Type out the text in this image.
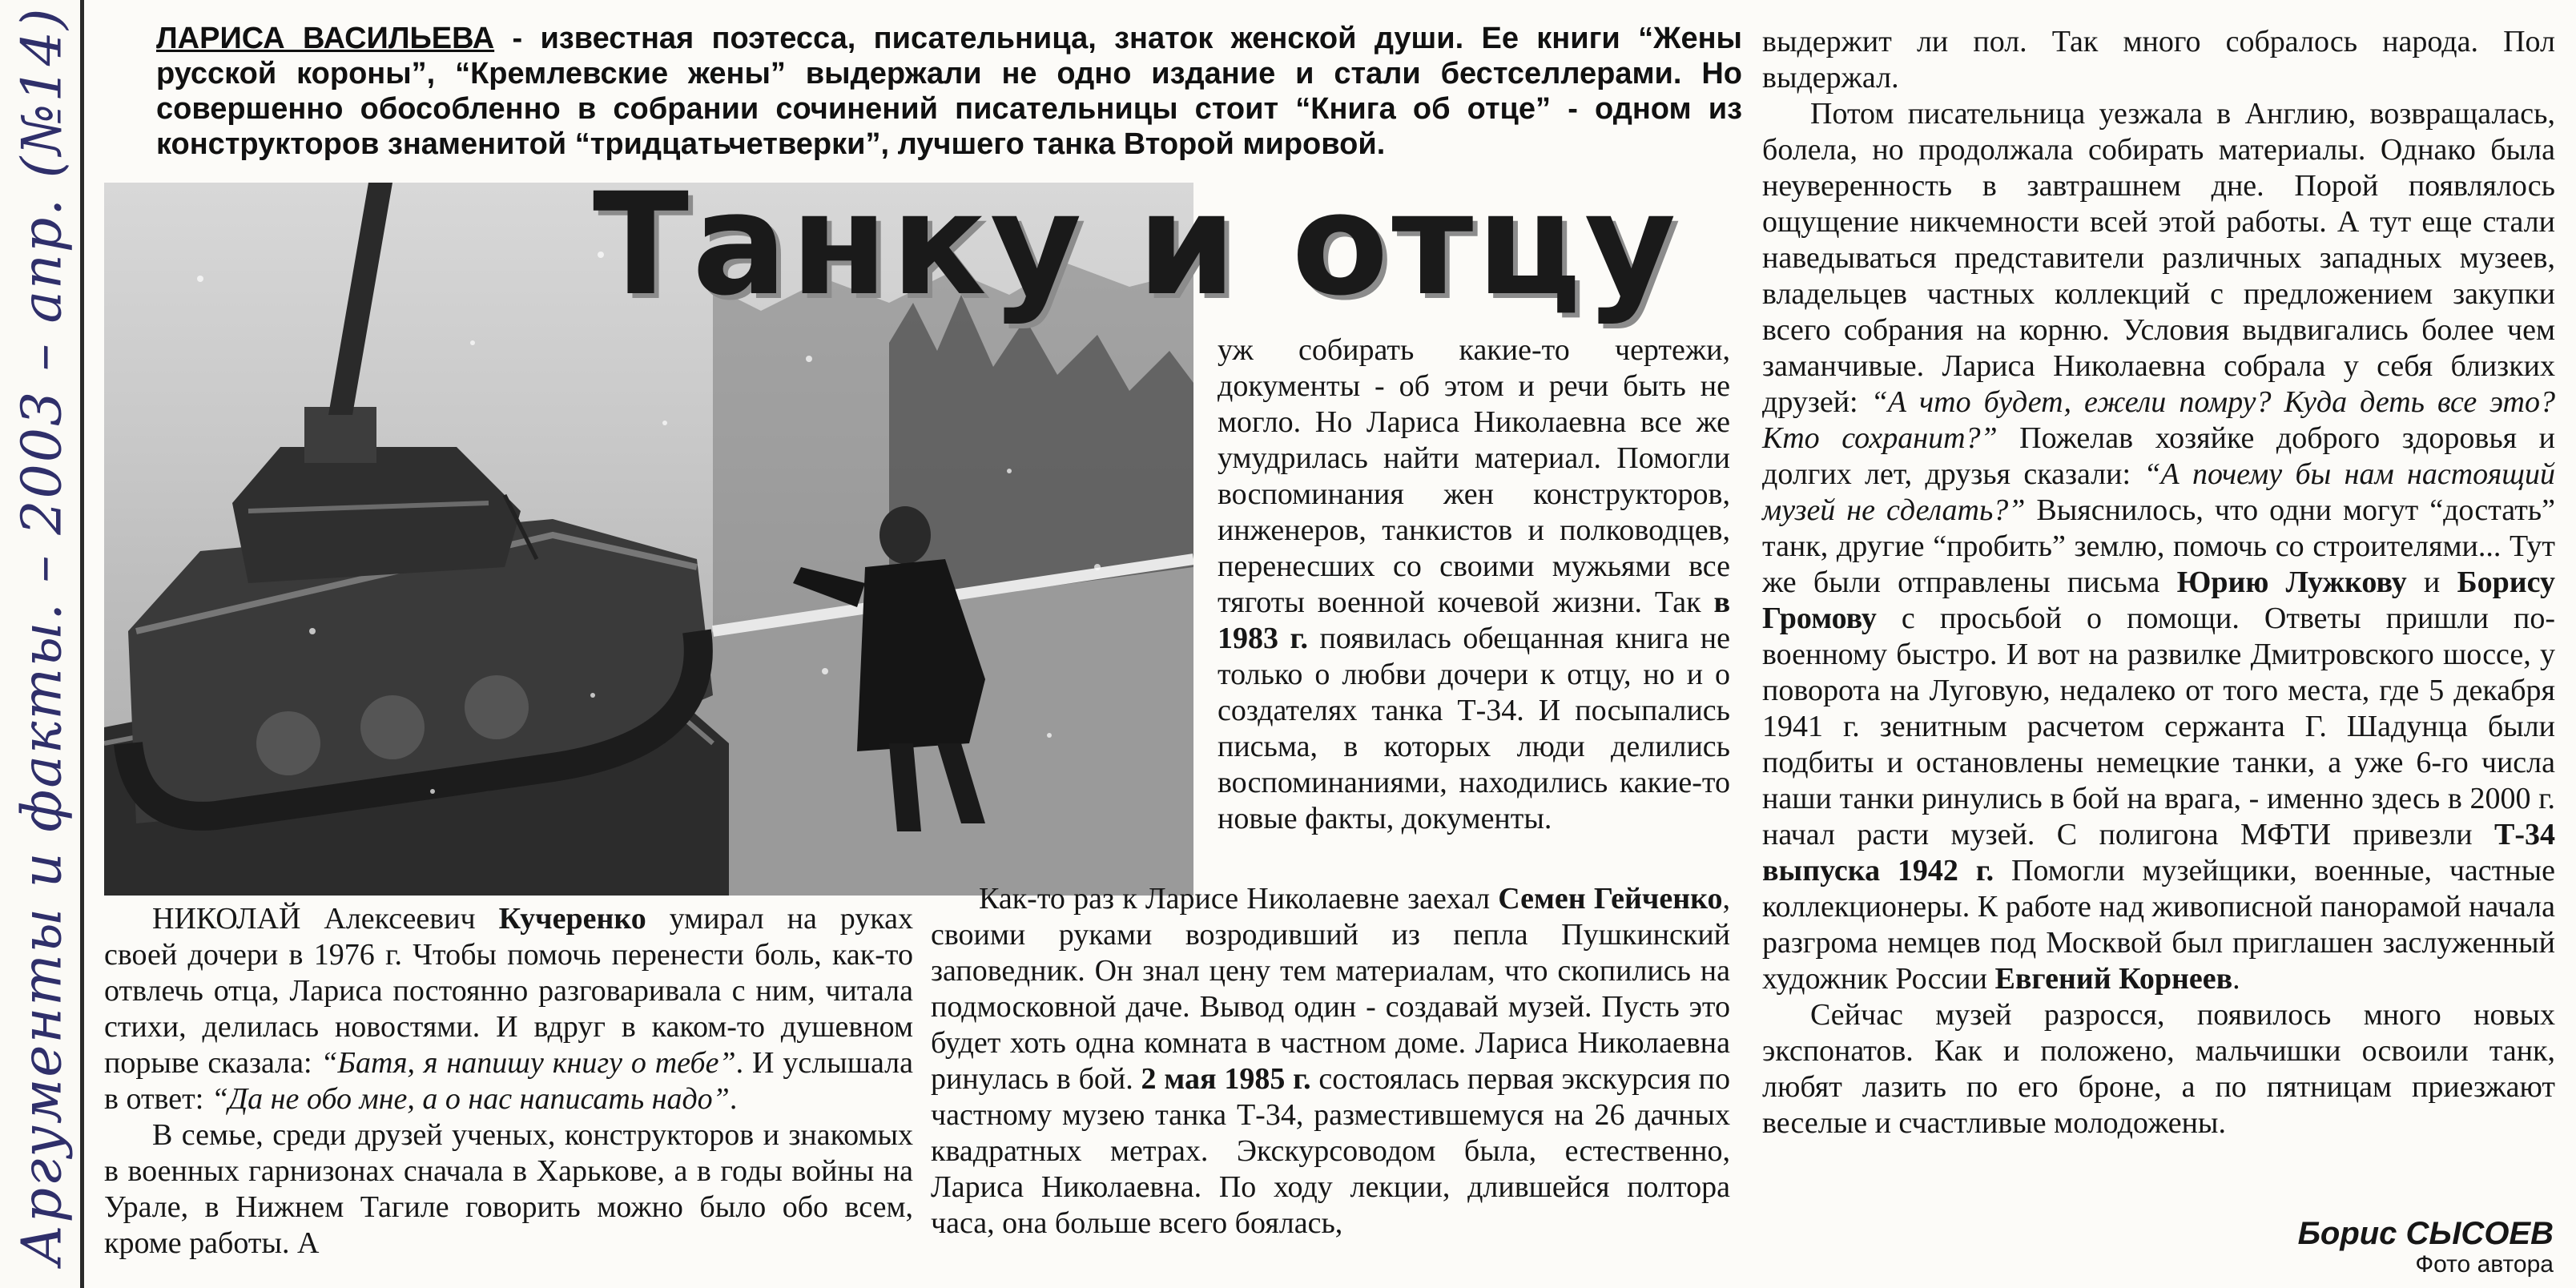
Аргументы и факты. – 2003 – апр. (№14)	ЛАРИСА ВАСИЛЬЕВА - известная поэтесса, писательница, знаток женской души. Ее книги “Жены русской короны”, “Кремлевские жены” выдержали не одно издание и стали бестселлерами. Но совершенно обособленно в собрании сочинений писательницы стоит “Книга об отце” - одном из конструкторов знаменитой “тридцатьчетверки”, лучшего танка Второй мировой.
Танку и отцу

уж собирать какие-то чертежи, документы - об этом и речи быть не могло. Но Лариса Николаевна все же умудрилась найти материал. Помогли воспоминания жен конструкторов, инженеров, танкистов и полководцев, перенесших со своими мужьями все тяготы военной кочевой жизни. Так в 1983 г. появилась обещанная книга не только о любви дочери к отцу, но и о создателях танка Т-34. И посыпались письма, в которых люди делились воспоминаниями, находились какие-то новые факты, документы.

НИКОЛАЙ Алексеевич Кучеренко умирал на руках своей дочери в 1976 г. Чтобы помочь перенести боль, как-то отвлечь отца, Лариса постоянно разговаривала с ним, читала стихи, делилась новостями. И вдруг в каком-то душевном порыве сказала: “Батя, я напишу книгу о тебе”. И услышала в ответ: “Да не обо мне, а о нас написать надо”.

В семье, среди друзей ученых, конструкторов и знакомых в военных гарнизонах сначала в Харькове, а в годы войны на Урале, в Нижнем Тагиле говорить можно было обо всем, кроме работы. А

Как-то раз к Ларисе Николаевне заехал Семен Гейченко, своими руками возродивший из пепла Пушкинский заповедник. Он знал цену тем материалам, что скопились на подмосковной даче. Вывод один - создавай музей. Пусть это будет хоть одна комната в частном доме. Лариса Николаевна ринулась в бой. 2 мая 1985 г. состоялась первая экскурсия по частному музею танка Т-34, разместившемуся на 26 дачных квадратных метрах. Экскурсоводом была, естественно, Лариса Николаевна. По ходу лекции, длившейся полтора часа, она больше всего боялась,

выдержит ли пол. Так много собралось народа. Пол выдержал.

Потом писательница уезжала в Англию, возвращалась, болела, но продолжала собирать материалы. Однако была неуверенность в завтрашнем дне. Порой появлялось ощущение никчемности всей этой работы. А тут еще стали наведываться представители различных западных музеев, владельцев частных коллекций с предложением закупки всего собрания на корню. Условия выдвигались более чем заманчивые. Лариса Николаевна собрала у себя близких друзей: “А что будет, ежели помру? Куда деть все это? Кто сохранит?” Пожелав хозяйке доброго здоровья и долгих лет, друзья сказали: “А почему бы нам настоящий музей не сделать?” Выяснилось, что одни могут “достать” танк, другие “пробить” землю, помочь со строителями... Тут же были отправлены письма Юрию Лужкову и Борису Громову с просьбой о помощи. Ответы пришли по-военному быстро. И вот на развилке Дмитровского шоссе, у поворота на Луговую, недалеко от того места, где 5 декабря 1941 г. зенитным расчетом сержанта Г. Шадунца были подбиты и остановлены немецкие танки, а уже 6-го числа наши танки ринулись в бой на врага, - именно здесь в 2000 г. начал расти музей. С полигона МФТИ привезли Т-34 выпуска 1942 г. Помогли музейщики, военные, частные коллекционеры. К работе над живописной панорамой начала разгрома немцев под Москвой был приглашен заслуженный художник России Евгений Корнеев.

Сейчас музей разросся, появилось много новых экспонатов. Как и положено, мальчишки освоили танк, любят лазить по его броне, а по пятницам приезжают веселые и счастливые молодожены.

Борис СЫСОЕВ
Фото автора
